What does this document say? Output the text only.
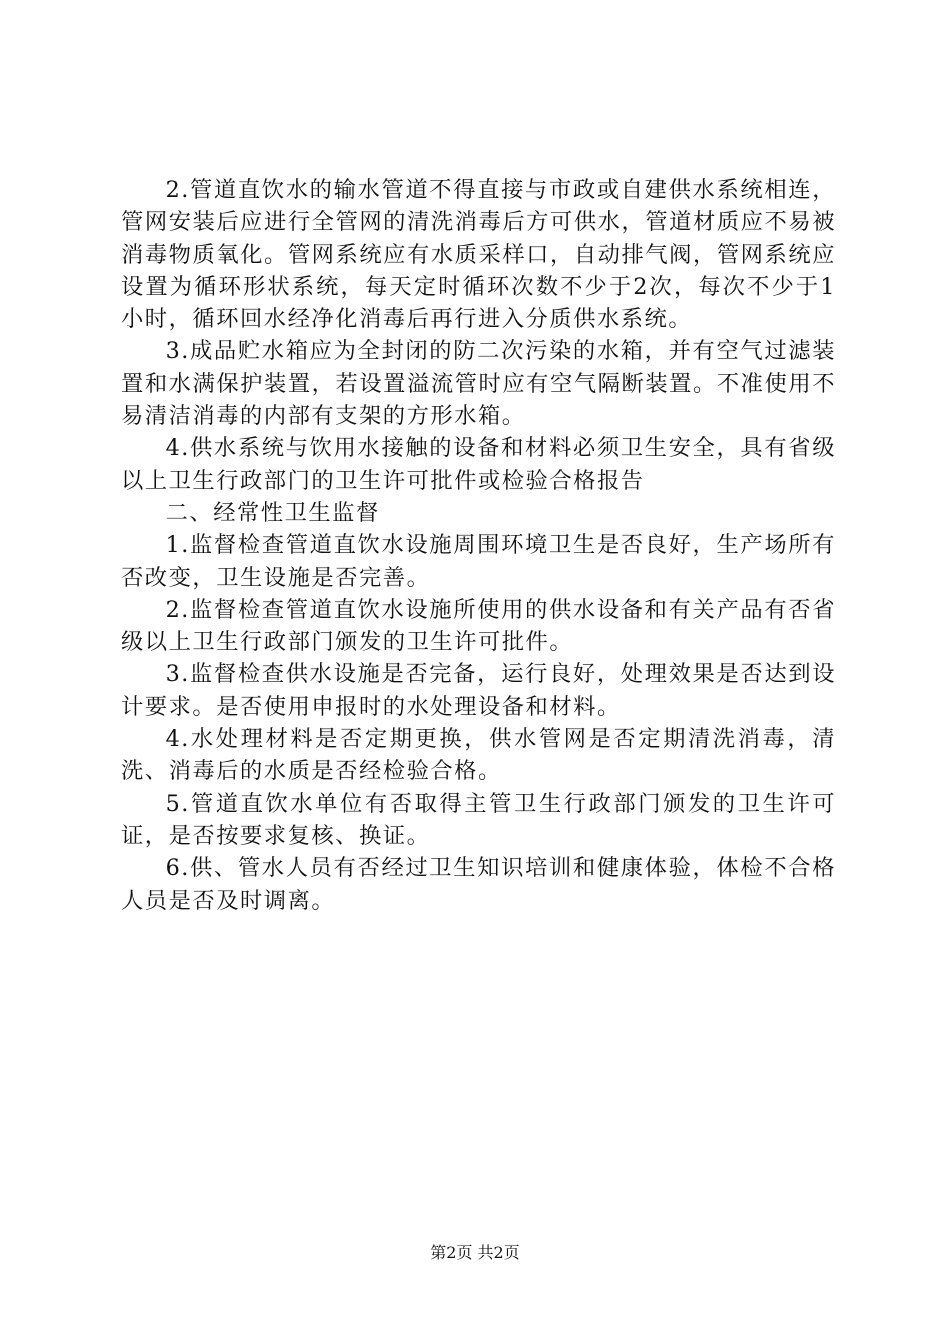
2.管道直饮水的输水管道不得直接与市政或自建供水系统相连，管网安装后应进行全管网的清洗消毒后方可供水，管道材质应不易被消毒物质氧化。管网系统应有水质采样口，自动排气阀，管网系统应设置为循环形状系统，每天定时循环次数不少于2次，每次不少于1小时，循环回水经净化消毒后再行进入分质供水系统。

3.成品贮水箱应为全封闭的防二次污染的水箱，并有空气过滤装置和水满保护装置，若设置溢流管时应有空气隔断装置。不准使用不易清洁消毒的内部有支架的方形水箱。

4.供水系统与饮用水接触的设备和材料必须卫生安全，具有省级以上卫生行政部门的卫生许可批件或检验合格报告

二、经常性卫生监督

1.监督检查管道直饮水设施周围环境卫生是否良好，生产场所有否改变，卫生设施是否完善。

2.监督检查管道直饮水设施所使用的供水设备和有关产品有否省级以上卫生行政部门颁发的卫生许可批件。

3.监督检查供水设施是否完备，运行良好，处理效果是否达到设计要求。是否使用申报时的水处理设备和材料。

4.水处理材料是否定期更换，供水管网是否定期清洗消毒，清洗、消毒后的水质是否经检验合格。

5.管道直饮水单位有否取得主管卫生行政部门颁发的卫生许可证，是否按要求复核、换证。

6.供、管水人员有否经过卫生知识培训和健康体验，体检不合格人员是否及时调离。

第2页 共2页
